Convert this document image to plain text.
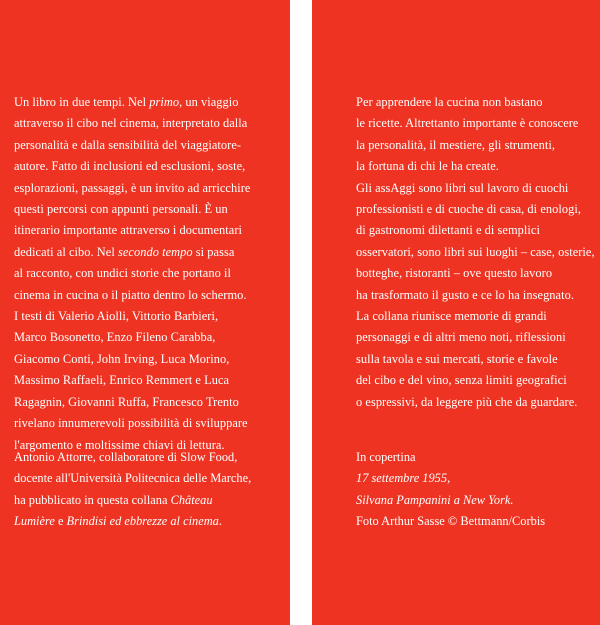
Un libro in due tempi. Nel primo, un viaggio
attraverso il cibo nel cinema, interpretato dalla
personalità e dalla sensibilità del viaggiatore-
autore. Fatto di inclusioni ed esclusioni, soste,
esplorazioni, passaggi, è un invito ad arricchire
questi percorsi con appunti personali. È un
itinerario importante attraverso i documentari
dedicati al cibo. Nel secondo tempo si passa
al racconto, con undici storie che portano il
cinema in cucina o il piatto dentro lo schermo.
I testi di Valerio Aiolli, Vittorio Barbieri,
Marco Bosonetto, Enzo Fileno Carabba,
Giacomo Conti, John Irving, Luca Morino,
Massimo Raffaeli, Enrico Remmert e Luca
Ragagnin, Giovanni Ruffa, Francesco Trento
rivelano innumerevoli possibilità di sviluppare
l'argomento e moltissime chiavi di lettura.

Antonio Attorre, collaboratore di Slow Food,
docente all'Università Politecnica delle Marche,
ha pubblicato in questa collana Château
Lumière e Brindisi ed ebbrezze al cinema.

Per apprendere la cucina non bastano
le ricette. Altrettanto importante è conoscere
la personalità, il mestiere, gli strumenti,
la fortuna di chi le ha create.
Gli assAggi sono libri sul lavoro di cuochi
professionisti e di cuoche di casa, di enologi,
di gastronomi dilettanti e di semplici
osservatori, sono libri sui luoghi – case, osterie,
botteghe, ristoranti – ove questo lavoro
ha trasformato il gusto e ce lo ha insegnato.
La collana riunisce memorie di grandi
personaggi e di altri meno noti, riflessioni
sulla tavola e sui mercati, storie e favole
del cibo e del vino, senza limiti geografici
o espressivi, da leggere più che da guardare.

In copertina
17 settembre 1955,
Silvana Pampanini a New York.
Foto Arthur Sasse © Bettmann/Corbis
